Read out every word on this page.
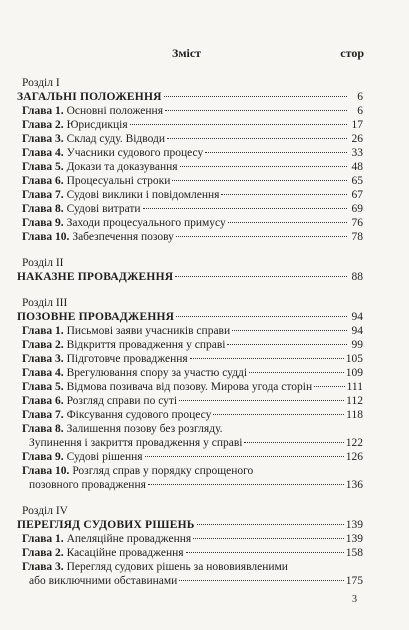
Зміст	стор
Розділ І
ЗАГАЛЬНІ ПОЛОЖЕННЯ	6
Глава 1. Основні положення	6
Глава 2. Юрисдикція	17
Глава 3. Склад суду. Відводи	26
Глава 4. Учасники судового процесу	33
Глава 5. Докази та доказування	48
Глава 6. Процесуальні строки	65
Глава 7. Судові виклики і повідомлення	67
Глава 8. Судові витрати	69
Глава 9. Заходи процесуального примусу	76
Глава 10. Забезпечення позову	78
Розділ ІІ
НАКАЗНЕ ПРОВАДЖЕННЯ	88
Розділ ІІІ
ПОЗОВНЕ ПРОВАДЖЕННЯ	94
Глава 1. Письмові заяви учасників справи	94
Глава 2. Відкриття провадження у справі	99
Глава 3. Підготовче провадження	105
Глава 4. Врегулювання спору за участю судді	109
Глава 5. Відмова позивача від позову. Мирова угода сторін	111
Глава 6. Розгляд справи по суті	112
Глава 7. Фіксування судового процесу	118
Глава 8. Залишення позову без розгляду.
Зупинення і закриття провадження у справі	122
Глава 9. Судові рішення	126
Глава 10. Розгляд справ у порядку спрощеного
позовного провадження	136
Розділ IV
ПЕРЕГЛЯД СУДОВИХ РІШЕНЬ	139
Глава 1. Апеляційне провадження	139
Глава 2. Касаційне провадження	158
Глава 3. Перегляд судових рішень за нововиявленими
або виключними обставинами	175
3
